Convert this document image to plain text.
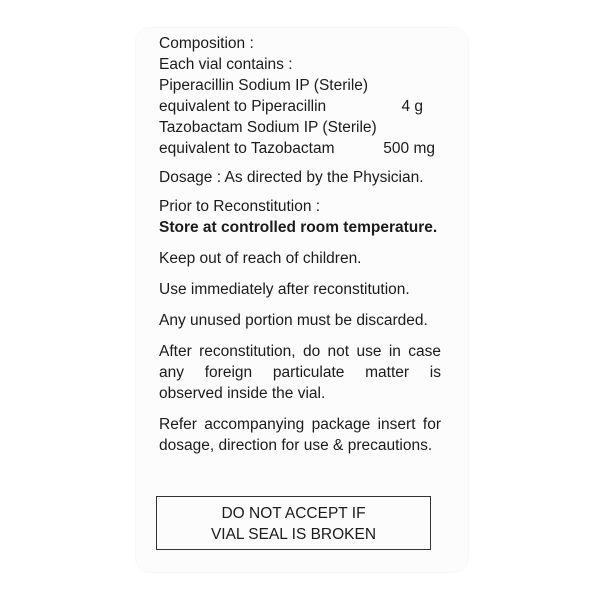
Composition :
Each vial contains :
Piperacillin Sodium IP (Sterile)
equivalent to Piperacillin	4 g
Tazobactam Sodium IP (Sterile)
equivalent to Tazobactam	500 mg
Dosage : As directed by the Physician.
Prior to Reconstitution :
Store at controlled room temperature.
Keep out of reach of children.
Use immediately after reconstitution.
Any unused portion must be discarded.
After reconstitution, do not use in case any foreign particulate matter is observed inside the vial.
Refer accompanying package insert for dosage, direction for use & precautions.
DO NOT ACCEPT IF
VIAL SEAL IS BROKEN
